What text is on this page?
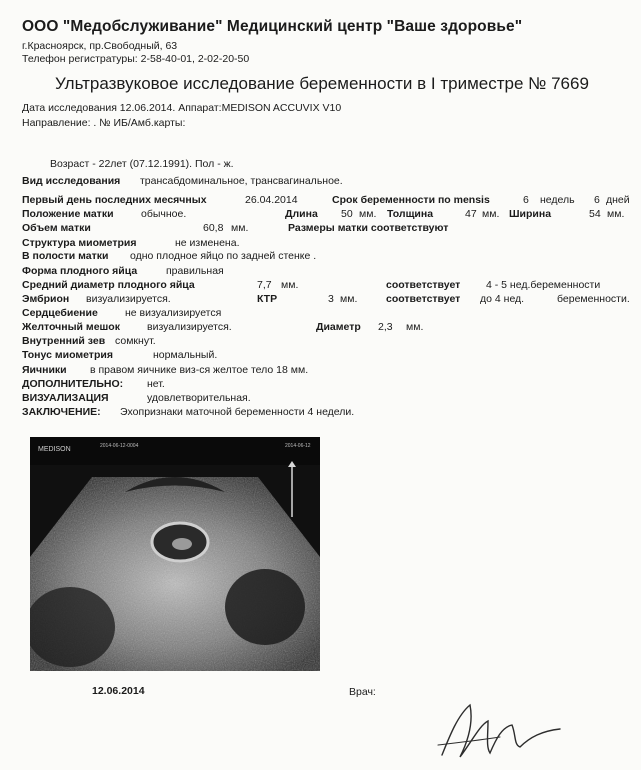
ООО "Медобслуживание" Медицинский центр "Ваше здоровье"
г.Красноярск, пр.Свободный, 63
Телефон регистратуры: 2-58-40-01, 2-02-20-50
Ультразвуковое исследование беременности в I триместре № 7669
Дата исследования 12.06.2014. Аппарат:MEDISON ACCUVIX V10
Направление: . № ИБ/Амб.карты:
Возраст - 22лет (07.12.1991). Пол - ж.
Вид исследования трансабдоминальное, трансвагинальное.
Первый день последних месячных	26.04.2014	Срок беременности по mensis	6 недель 6 дней
Положение матки	обычное.	Длина 50 мм. Толщина	47 мм. Ширина	54 мм.
Объем матки	60,8 мм.	Размеры матки соответствуют
Структура миометрия	не изменена.
В полости матки одно плодное яйцо по задней стенке .
Форма плодного яйца	правильная
Средний диаметр плодного яйца	7,7 мм.	соответствует 4 - 5 нед.беременности
Эмбрион визуализируется.	КТР	3 мм.	соответствует до 4 нед.	беременности.
Сердцебиение	не визуализируется
Желточный мешок	визуализируется.	Диаметр 2,3 мм.
Внутренний зев сомкнут.
Тонус миометрия	нормальный.
Яичники в правом яичнике виз-ся желтое тело 18 мм.
ДОПОЛНИТЕЛЬНО: нет.
ВИЗУАЛИЗАЦИЯ	удовлетворительная.
ЗАКЛЮЧЕНИЕ: Эхопризнаки маточной беременности 4 недели.
MEDISON	2014-06-12-0004	2014-06-12
12.06.2014	Врач:
